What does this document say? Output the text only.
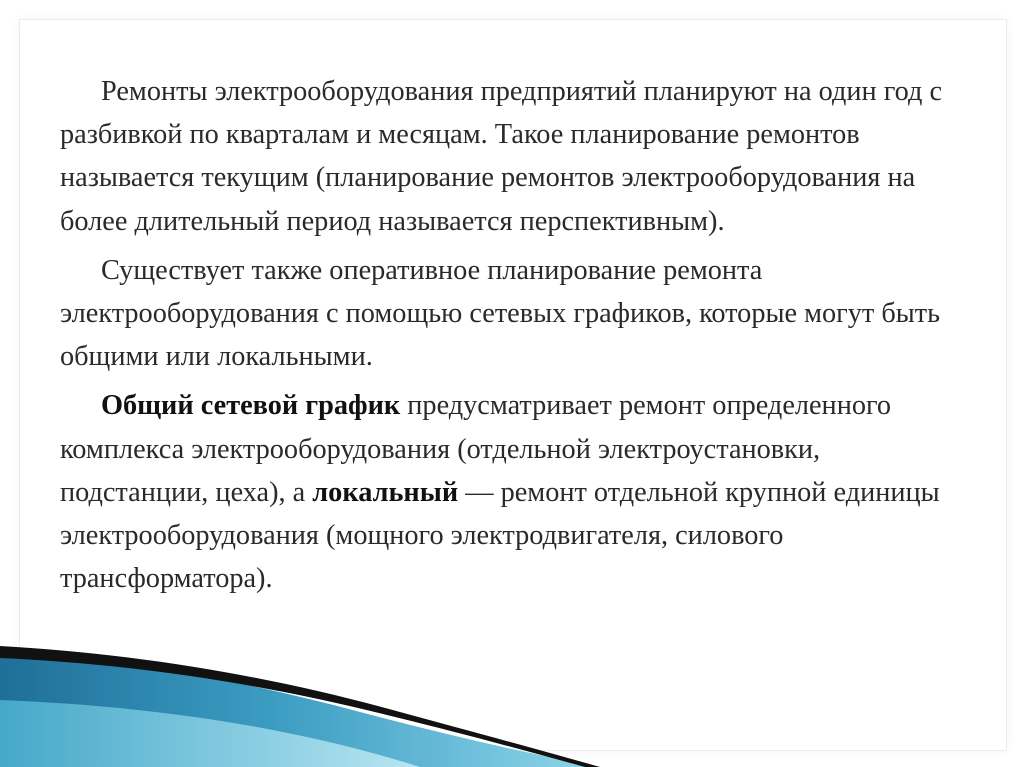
Ремонты электрооборудования предприятий планируют на один год с разбивкой по кварталам и месяцам. Такое планирование ремонтов называется текущим (планирование ремонтов электрооборудования на более длительный период называется перспективным).

Существует также оперативное планирование ремонта электрооборудования с помощью сетевых графиков, которые могут быть общими или локальными.

Общий сетевой график предусматривает ремонт определенного комплекса электрооборудования (отдельной электроустановки, подстанции, цеха), а локальный — ремонт отдельной крупной единицы электрооборудования (мощного электродвигателя, силового трансформатора).
